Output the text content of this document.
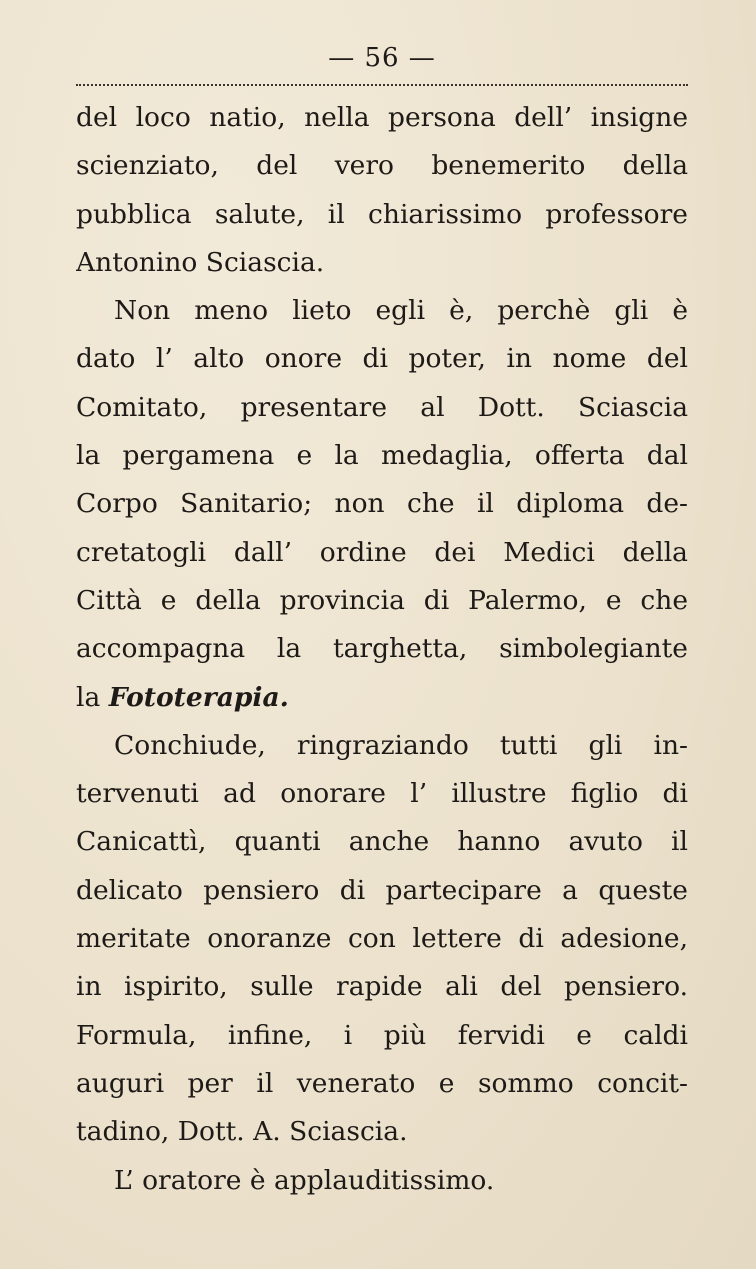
— 56 —
del loco natio, nella persona dell’ insigne
scienziato, del vero benemerito della
pubblica salute, il chiarissimo professore
Antonino Sciascia.
Non meno lieto egli è, perchè gli è
dato l’ alto onore di poter, in nome del
Comitato, presentare al Dott. Sciascia
la pergamena e la medaglia, offerta dal
Corpo Sanitario; non che il diploma de-
cretatogli dall’ ordine dei Medici della
Città e della provincia di Palermo, e che
accompagna la targhetta, simbolegiante
la Fototerapia.
Conchiude, ringraziando tutti gli in-
tervenuti ad onorare l’ illustre figlio di
Canicattì, quanti anche hanno avuto il
delicato pensiero di partecipare a queste
meritate onoranze con lettere di adesione,
in ispirito, sulle rapide ali del pensiero.
Formula, infine, i più fervidi e caldi
auguri per il venerato e sommo concit-
tadino, Dott. A. Sciascia.
L’ oratore è applauditissimo.
